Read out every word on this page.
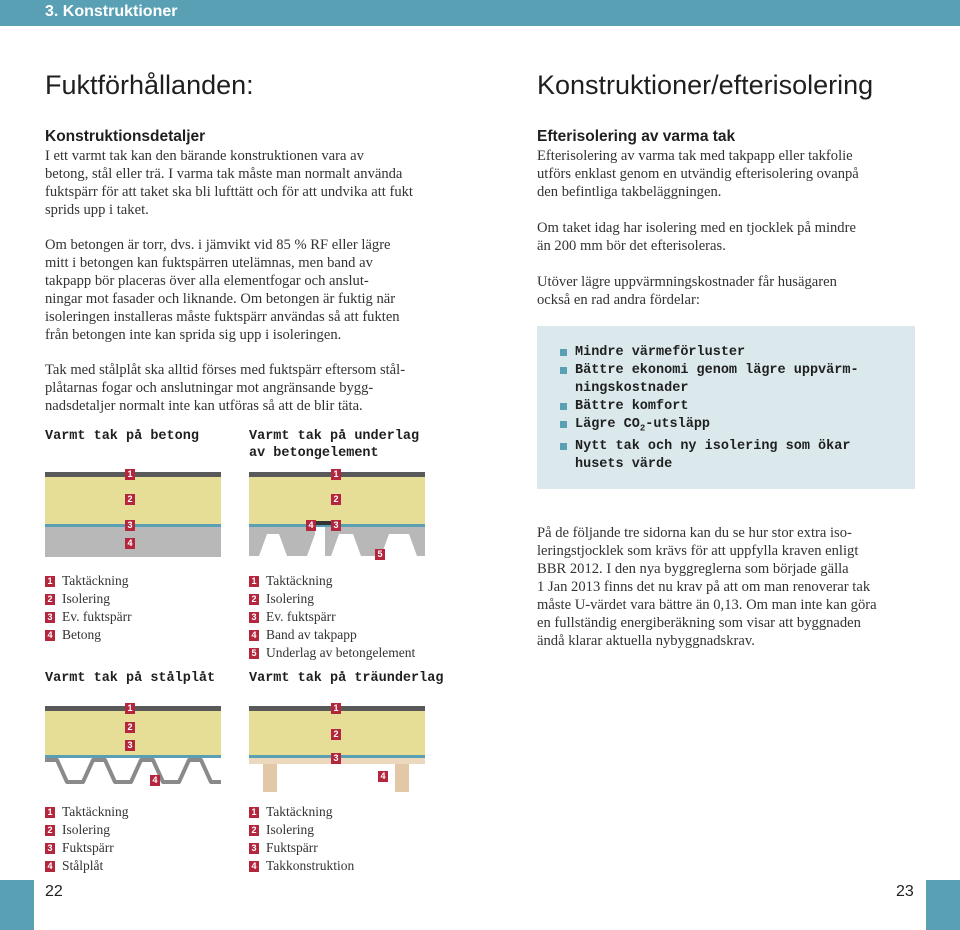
3. Konstruktioner
Fuktförhållanden:
Konstruktionsdetaljer

I ett varmt tak kan den bärande konstruktionen vara av
betong, stål eller trä. I varma tak måste man normalt använda
fuktspärr för att taket ska bli lufttätt och för att undvika att fukt
sprids upp i taket.

Om betongen är torr, dvs. i jämvikt vid 85 % RF eller lägre
mitt i betongen kan fuktspärren utelämnas, men band av
takpapp bör placeras över alla elementfogar och anslut-
ningar mot fasader och liknande. Om betongen är fuktig när
isoleringen installeras måste fuktspärr användas så att fukten
från betongen inte kan sprida sig upp i isoleringen.

Tak med stålplåt ska alltid förses med fuktspärr eftersom stål-
plåtarnas fogar och anslutningar mot angränsande bygg-
nadsdetaljer normalt inte kan utföras så att de blir täta.

Varmt tak på betong
1
2
3
4
1 Taktäckning
2 Isolering
3 Ev. fuktspärr
4 Betong
Varmt tak på underlag
av betongelement
1
2
3
4
5
1 Taktäckning
2 Isolering
3 Ev. fuktspärr
4 Band av takpapp
5 Underlag av betongelement
Varmt tak på stålplåt
1
2
3
4
1 Taktäckning
2 Isolering
3 Fuktspärr
4 Stålplåt
Varmt tak på träunderlag
1
2
3
4
1 Taktäckning
2 Isolering
3 Fuktspärr
4 Takkonstruktion
Konstruktioner/efterisolering
Efterisolering av varma tak

Efterisolering av varma tak med takpapp eller takfolie
utförs enklast genom en utvändig efterisolering ovanpå
den befintliga takbeläggningen.

Om taket idag har isolering med en tjocklek på mindre
än 200 mm bör det efterisoleras.

Utöver lägre uppvärmningskostnader får husägaren
också en rad andra fördelar:

Mindre värmeförluster
Bättre ekonomi genom lägre uppvärm-
ningskostnader
Bättre komfort
Lägre $CO_2$-utsläpp
Nytt tak och ny isolering som ökar
husets värde

På de följande tre sidorna kan du se hur stor extra iso-
leringstjocklek som krävs för att uppfylla kraven enligt
BBR 2012. I den nya byggreglerna som började gälla
1 Jan 2013 finns det nu krav på att om man renoverar tak
måste U-värdet vara bättre än 0,13. Om man inte kan göra
en fullständig energiberäkning som visar att byggnaden
ändå klarar aktuella nybyggnadskrav.

22	23
